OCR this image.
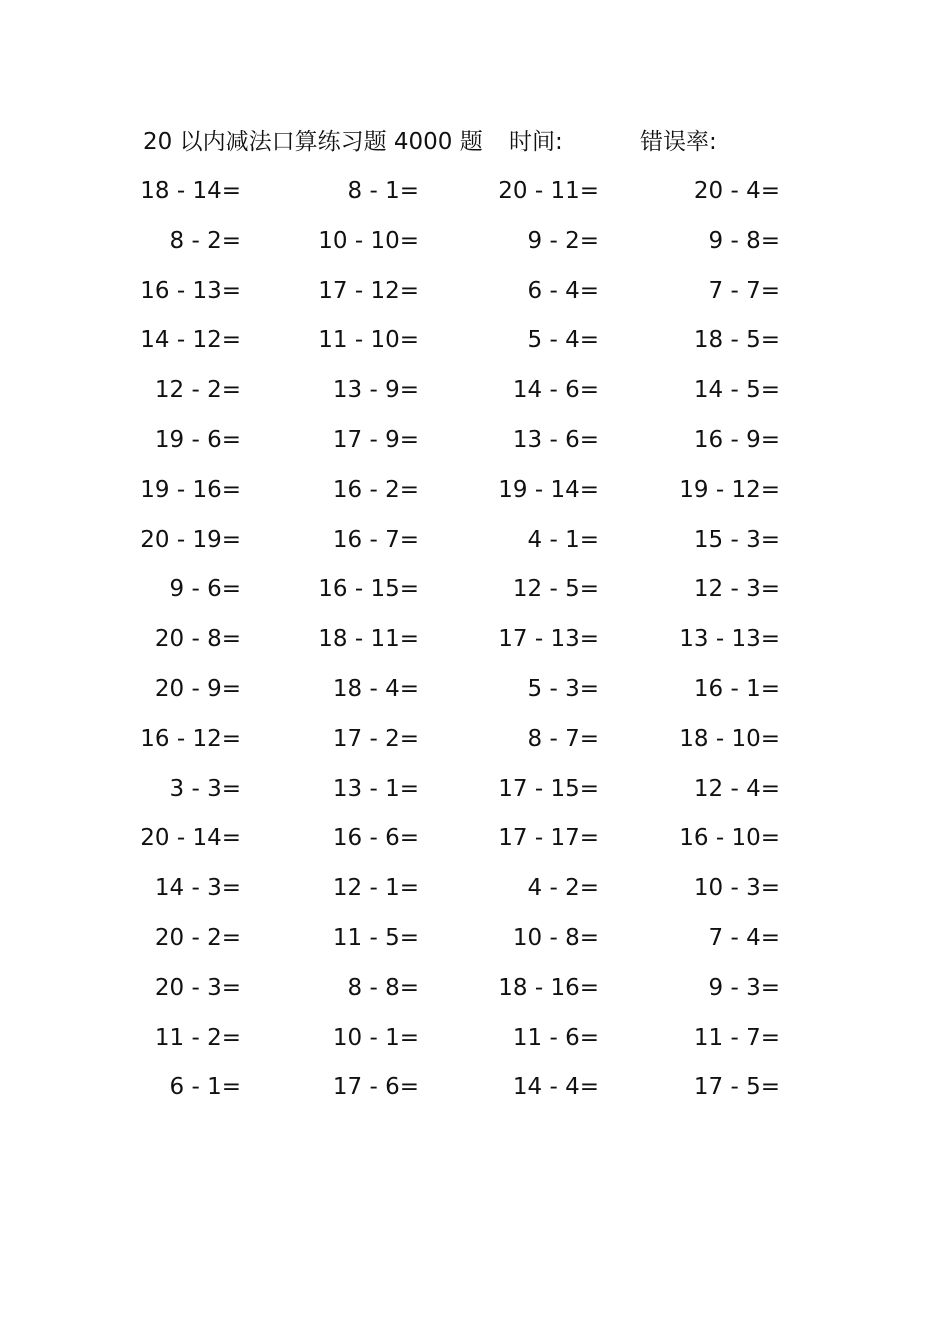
20 以内减法口算练习题 4000 题 时间:	错误率:
18 - 14=	8 - 1=	20 - 11=	20 - 4=
8 - 2=	10 - 10=	9 - 2=	9 - 8=
16 - 13=	17 - 12=	6 - 4=	7 - 7=
14 - 12=	11 - 10=	5 - 4=	18 - 5=
12 - 2=	13 - 9=	14 - 6=	14 - 5=
19 - 6=	17 - 9=	13 - 6=	16 - 9=
19 - 16=	16 - 2=	19 - 14=	19 - 12=
20 - 19=	16 - 7=	4 - 1=	15 - 3=
9 - 6=	16 - 15=	12 - 5=	12 - 3=
20 - 8=	18 - 11=	17 - 13=	13 - 13=
20 - 9=	18 - 4=	5 - 3=	16 - 1=
16 - 12=	17 - 2=	8 - 7=	18 - 10=
3 - 3=	13 - 1=	17 - 15=	12 - 4=
20 - 14=	16 - 6=	17 - 17=	16 - 10=
14 - 3=	12 - 1=	4 - 2=	10 - 3=
20 - 2=	11 - 5=	10 - 8=	7 - 4=
20 - 3=	8 - 8=	18 - 16=	9 - 3=
11 - 2=	10 - 1=	11 - 6=	11 - 7=
6 - 1=	17 - 6=	14 - 4=	17 - 5=
